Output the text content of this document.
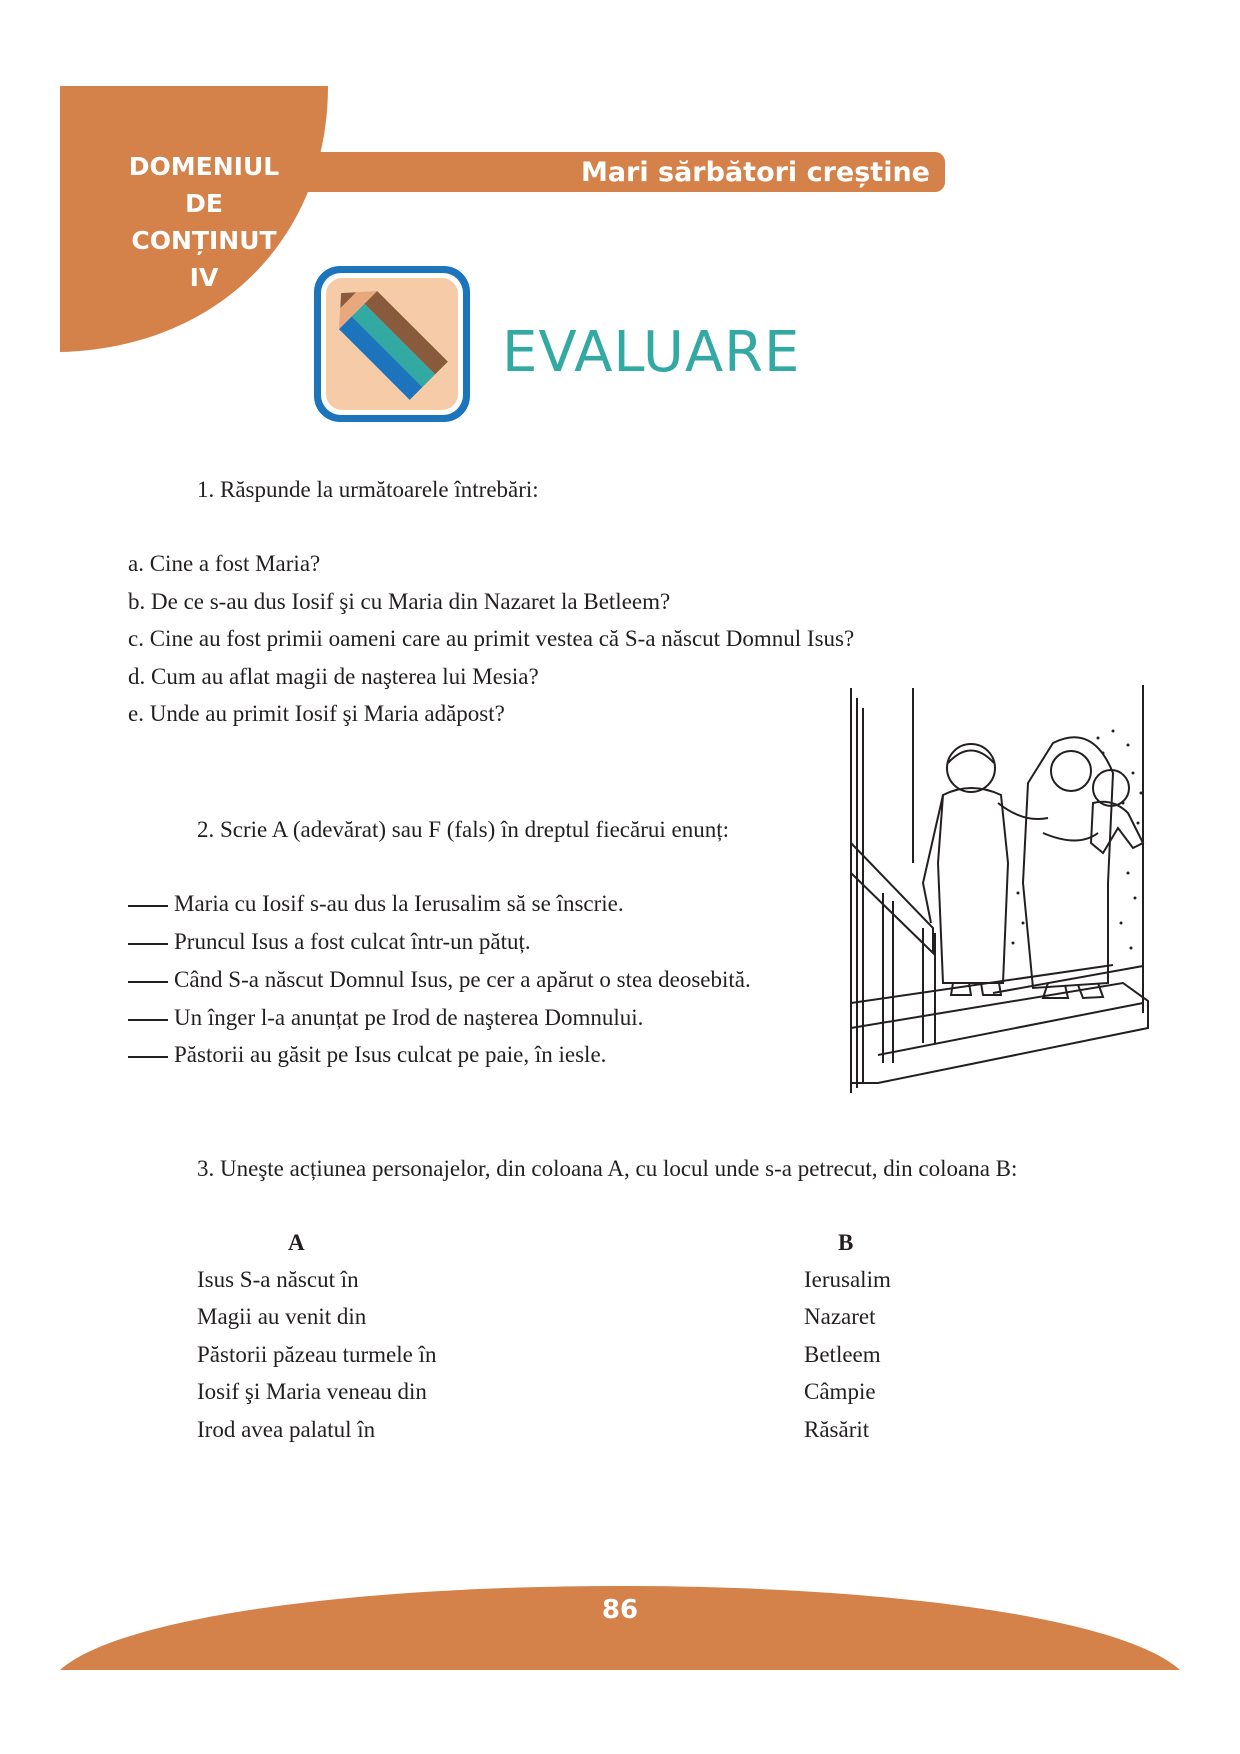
DOMENIUL
DE
CONȚINUT
IV
Mari sărbători creștine
EVALUARE
1. Răspunde la următoarele întrebări:
a. Cine a fost Maria?
b. De ce s-au dus Iosif şi cu Maria din Nazaret la Betleem?
c. Cine au fost primii oameni care au primit vestea că S-a născut Domnul Isus?
d. Cum au aflat magii de naşterea lui Mesia?
e. Unde au primit Iosif şi Maria adăpost?
2. Scrie A (adevărat) sau F (fals) în dreptul fiecărui enunț:
Maria cu Iosif s-au dus la Ierusalim să se înscrie.
Pruncul Isus a fost culcat într-un pătuț.
Când S-a născut Domnul Isus, pe cer a apărut o stea deosebită.
Un înger l-a anunțat pe Irod de naşterea Domnului.
Păstorii au găsit pe Isus culcat pe paie, în iesle.
3. Uneşte acțiunea personajelor, din coloana A, cu locul unde s-a petrecut, din coloana B:
A	B
Isus S-a născut în
Magii au venit din
Păstorii păzeau turmele în
Iosif şi Maria veneau din
Irod avea palatul în
Ierusalim
Nazaret
Betleem
Câmpie
Răsărit
86
